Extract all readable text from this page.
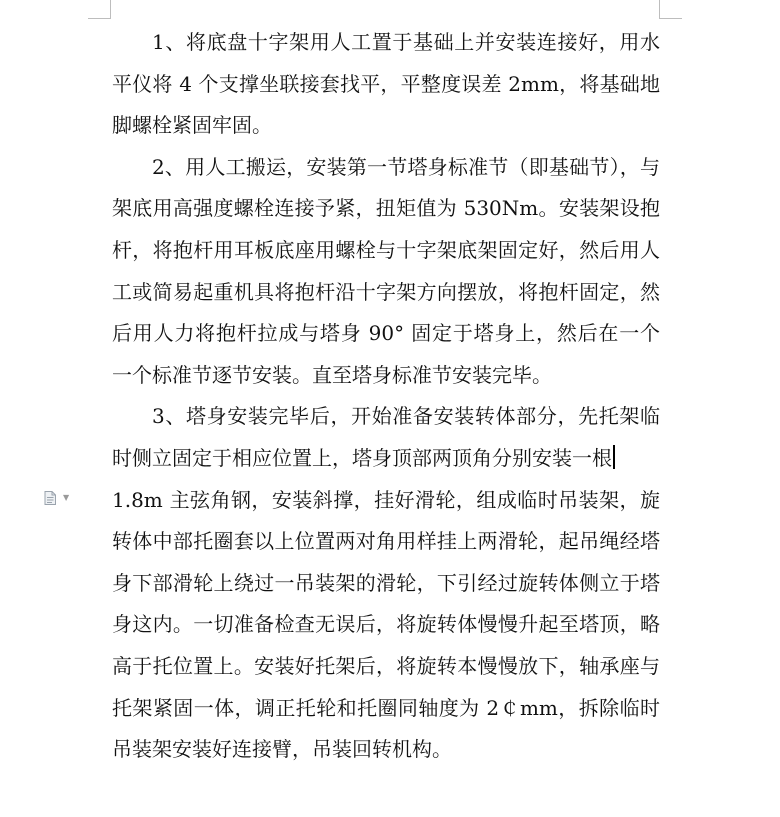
▼

1、将底盘十字架用人工置于基础上并安装连接好，用水平仪将 4 个支撑坐联接套找平，平整度误差 2mm，将基础地脚螺栓紧固牢固。

2、用人工搬运，安装第一节塔身标准节（即基础节），与架底用高强度螺栓连接予紧，扭矩值为 530Nm。安装架设抱杆，将抱杆用耳板底座用螺栓与十字架底架固定好，然后用人工或简易起重机具将抱杆沿十字架方向摆放，将抱杆固定，然后用人力将抱杆拉成与塔身 90° 固定于塔身上，然后在一个一个标准节逐节安装。直至塔身标准节安装完毕。

3、塔身安装完毕后，开始准备安装转体部分，先托架临时侧立固定于相应位置上，塔身顶部两顶角分别安装一根

1.8m 主弦角钢，安装斜撑，挂好滑轮，组成临时吊装架，旋转体中部托圈套以上位置两对角用样挂上两滑轮，起吊绳经塔身下部滑轮上绕过一吊装架的滑轮，下引经过旋转体侧立于塔身这内。一切准备检查无误后，将旋转体慢慢升起至塔顶，略高于托位置上。安装好托架后，将旋转本慢慢放下，轴承座与托架紧固一体，调正托轮和托圈同轴度为 2￠mm，拆除临时吊装架安装好连接臂，吊装回转机构。
